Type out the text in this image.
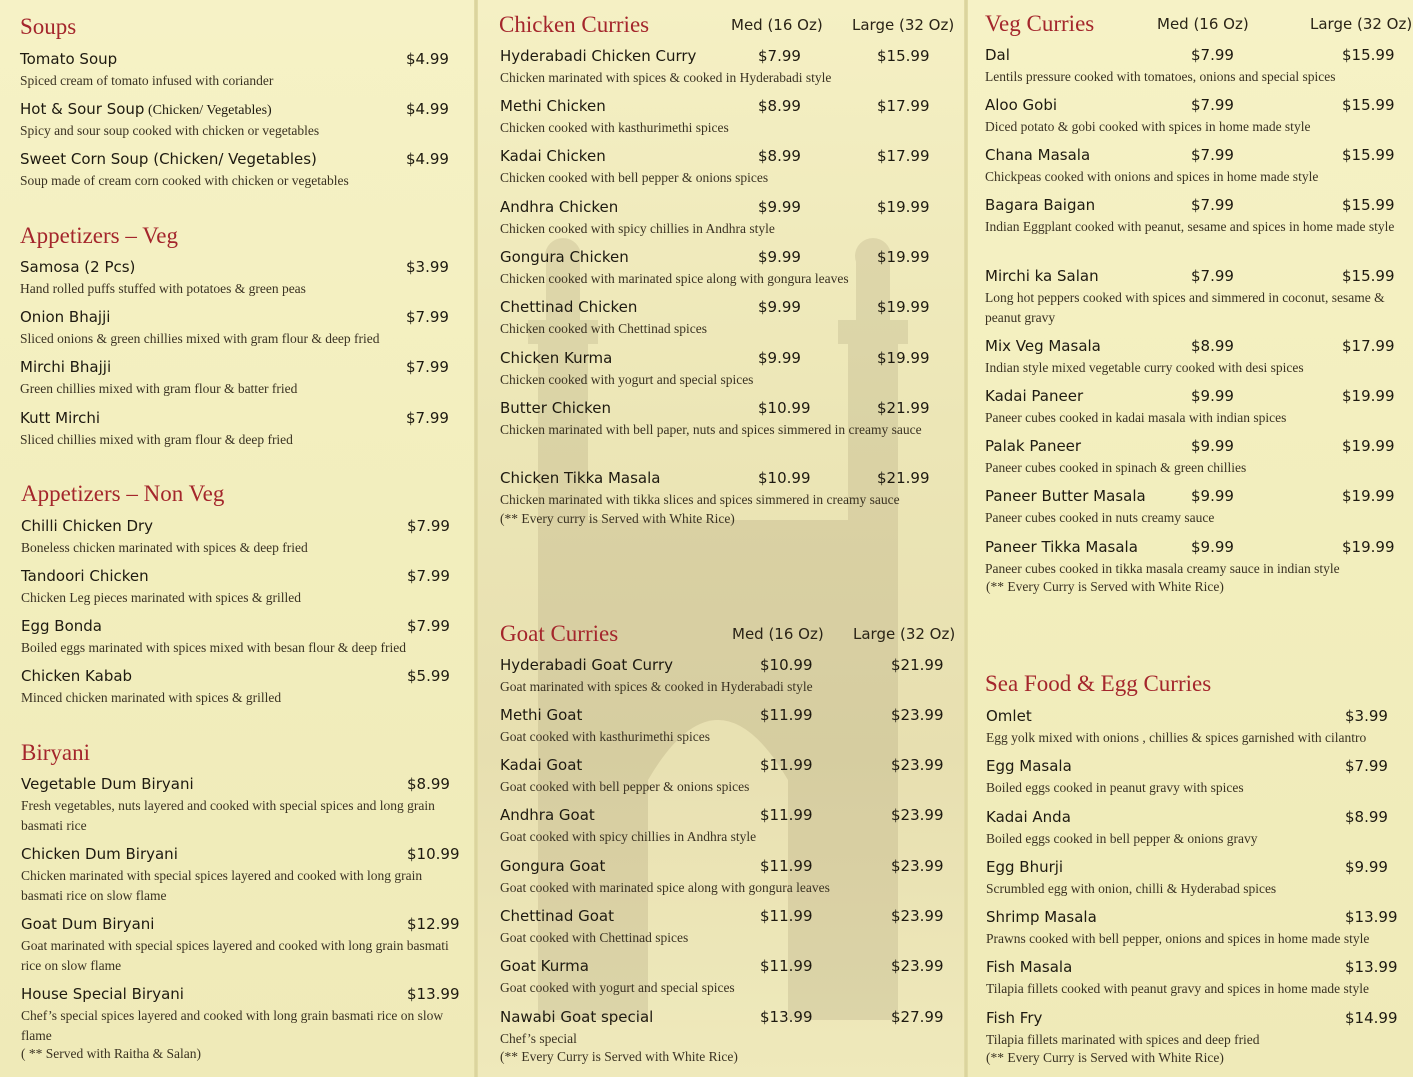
Soups
Tomato Soup	$4.99
Spiced cream of tomato infused with coriander
Hot & Sour Soup (Chicken/ Vegetables)	$4.99
Spicy and sour soup cooked with chicken or vegetables
Sweet Corn Soup (Chicken/ Vegetables)	$4.99
Soup made of cream corn cooked with chicken or vegetables
Appetizers – Veg
Samosa (2 Pcs)	$3.99
Hand rolled puffs stuffed with potatoes & green peas
Onion Bhajji	$7.99
Sliced onions & green chillies mixed with gram flour & deep fried
Mirchi Bhajji	$7.99
Green chillies mixed with gram flour & batter fried
Kutt Mirchi	$7.99
Sliced chillies mixed with gram flour & deep fried
Appetizers – Non Veg
Chilli Chicken Dry	$7.99
Boneless chicken marinated with spices & deep fried
Tandoori Chicken	$7.99
Chicken Leg pieces marinated with spices & grilled
Egg Bonda	$7.99
Boiled eggs marinated with spices mixed with besan flour & deep fried
Chicken Kabab	$5.99
Minced chicken marinated with spices & grilled
Biryani
Vegetable Dum Biryani	$8.99
Fresh vegetables, nuts layered and cooked with special spices and long grain basmati rice
Chicken Dum Biryani	$10.99
Chicken marinated with special spices layered and cooked with long grain basmati rice on slow flame
Goat Dum Biryani	$12.99
Goat marinated with special spices layered and cooked with long grain basmati rice on slow flame
House Special Biryani	$13.99
Chef’s special spices layered and cooked with long grain basmati rice on slow flame
( ** Served with Raitha & Salan)
Chicken Curries	Med (16 Oz) Large (32 Oz)
Hyderabadi Chicken Curry	$7.99	$15.99
Chicken marinated with spices & cooked in Hyderabadi style
Methi Chicken	$8.99	$17.99
Chicken cooked with kasthurimethi spices
Kadai Chicken	$8.99	$17.99
Chicken cooked with bell pepper & onions spices
Andhra Chicken	$9.99	$19.99
Chicken cooked with spicy chillies in Andhra style
Gongura Chicken	$9.99	$19.99
Chicken cooked with marinated spice along with gongura leaves
Chettinad Chicken	$9.99	$19.99
Chicken cooked with Chettinad spices
Chicken Kurma	$9.99	$19.99
Chicken cooked with yogurt and special spices
Butter Chicken	$10.99	$21.99
Chicken marinated with bell paper, nuts and spices simmered in creamy sauce
Chicken Tikka Masala	$10.99	$21.99
Chicken marinated with tikka slices and spices simmered in creamy sauce
(** Every curry is Served with White Rice)
Goat Curries	Med (16 Oz) Large (32 Oz)
Hyderabadi Goat Curry	$10.99	$21.99
Goat marinated with spices & cooked in Hyderabadi style
Methi Goat	$11.99	$23.99
Goat cooked with kasthurimethi spices
Kadai Goat	$11.99	$23.99
Goat cooked with bell pepper & onions spices
Andhra Goat	$11.99	$23.99
Goat cooked with spicy chillies in Andhra style
Gongura Goat	$11.99	$23.99
Goat cooked with marinated spice along with gongura leaves
Chettinad Goat	$11.99	$23.99
Goat cooked with Chettinad spices
Goat Kurma	$11.99	$23.99
Goat cooked with yogurt and special spices
Nawabi Goat special	$13.99	$27.99
Chef’s special
(** Every Curry is Served with White Rice)
Veg Curries	Med (16 Oz)	Large (32 Oz)
Dal	$7.99	$15.99
Lentils pressure cooked with tomatoes, onions and special spices
Aloo Gobi	$7.99	$15.99
Diced potato & gobi cooked with spices in home made style
Chana Masala	$7.99	$15.99
Chickpeas cooked with onions and spices in home made style
Bagara Baigan	$7.99	$15.99
Indian Eggplant cooked with peanut, sesame and spices in home made style
Mirchi ka Salan	$7.99	$15.99
Long hot peppers cooked with spices and simmered in coconut, sesame & peanut gravy
Mix Veg Masala	$8.99	$17.99
Indian style mixed vegetable curry cooked with desi spices
Kadai Paneer	$9.99	$19.99
Paneer cubes cooked in kadai masala with indian spices
Palak Paneer	$9.99	$19.99
Paneer cubes cooked in spinach & green chillies
Paneer Butter Masala	$9.99	$19.99
Paneer cubes cooked in nuts creamy sauce
Paneer Tikka Masala	$9.99	$19.99
Paneer cubes cooked in tikka masala creamy sauce in indian style
(** Every Curry is Served with White Rice)
Sea Food & Egg Curries
Omlet	$3.99
Egg yolk mixed with onions , chillies & spices garnished with cilantro
Egg Masala	$7.99
Boiled eggs cooked in peanut gravy with spices
Kadai Anda	$8.99
Boiled eggs cooked in bell pepper & onions gravy
Egg Bhurji	$9.99
Scrumbled egg with onion, chilli & Hyderabad spices
Shrimp Masala	$13.99
Prawns cooked with bell pepper, onions and spices in home made style
Fish Masala	$13.99
Tilapia fillets cooked with peanut gravy and spices in home made style
Fish Fry	$14.99
Tilapia fillets marinated with spices and deep fried
(** Every Curry is Served with White Rice)
